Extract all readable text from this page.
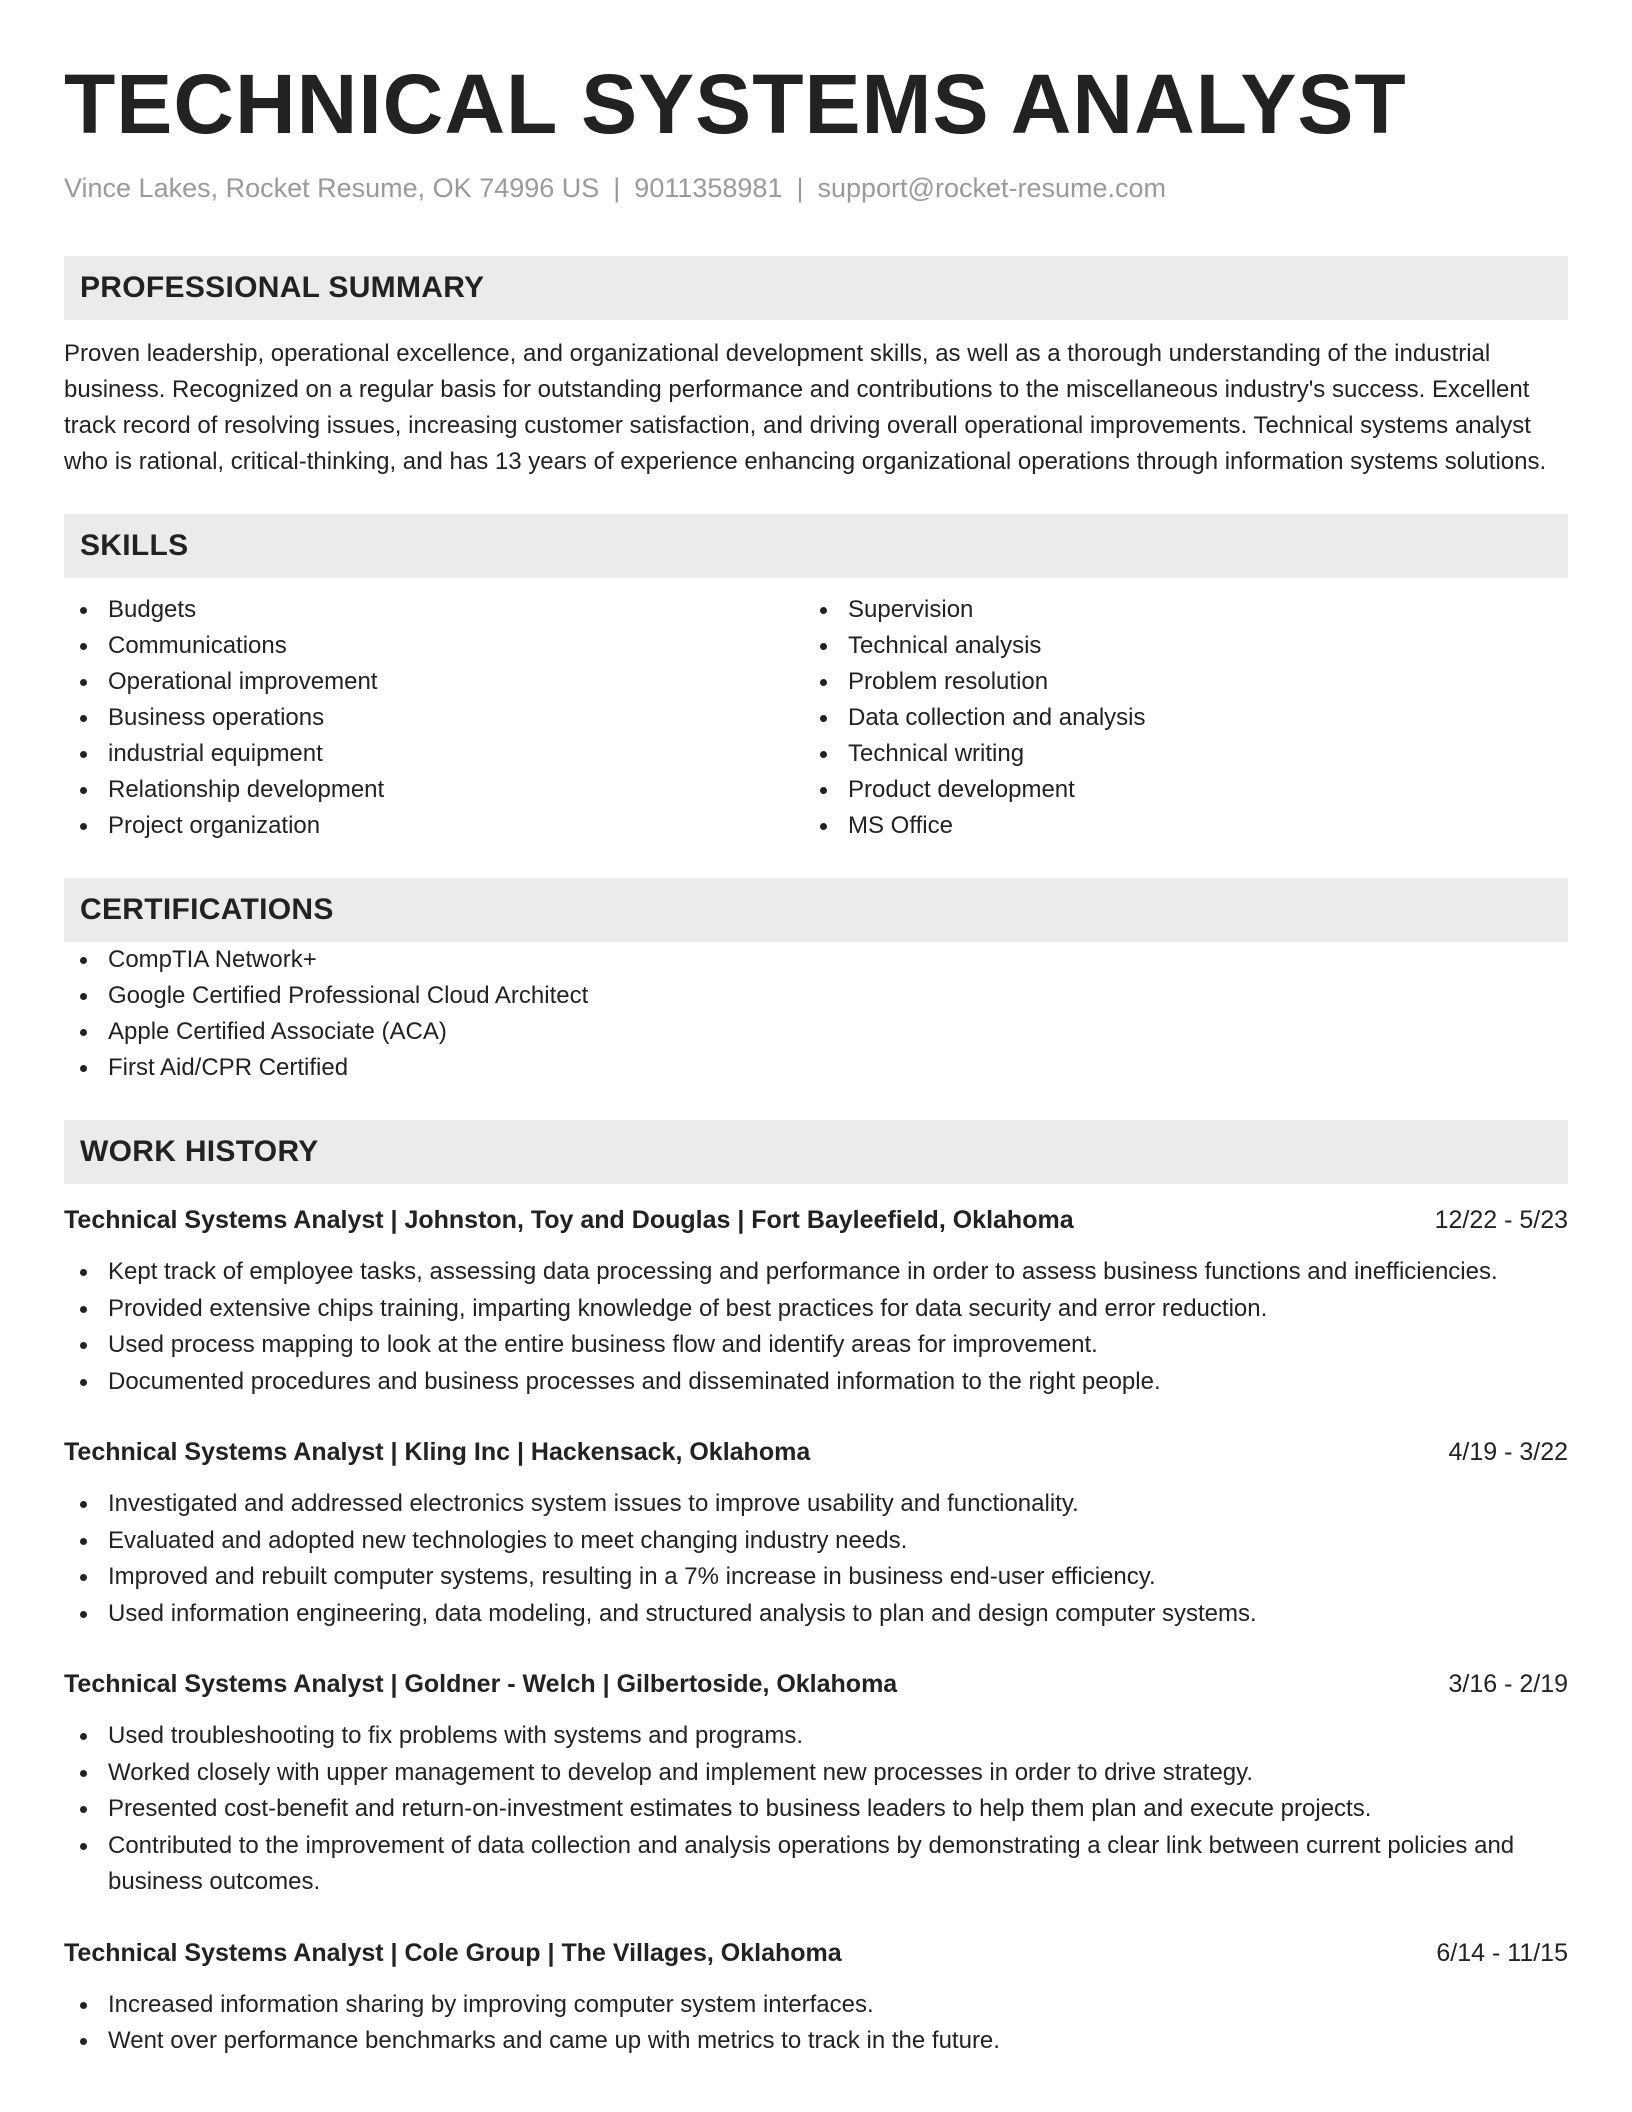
TECHNICAL SYSTEMS ANALYST
Vince Lakes, Rocket Resume, OK 74996 US | 9011358981 | support@rocket-resume.com
PROFESSIONAL SUMMARY

Proven leadership, operational excellence, and organizational development skills, as well as a thorough understanding of the industrial business. Recognized on a regular basis for outstanding performance and contributions to the miscellaneous industry's success. Excellent track record of resolving issues, increasing customer satisfaction, and driving overall operational improvements. Technical systems analyst who is rational, critical-thinking, and has 13 years of experience enhancing organizational operations through information systems solutions.

SKILLS
Budgets
Communications
Operational improvement
Business operations
industrial equipment
Relationship development
Project organization
Supervision
Technical analysis
Problem resolution
Data collection and analysis
Technical writing
Product development
MS Office
CERTIFICATIONS
CompTIA Network+
Google Certified Professional Cloud Architect
Apple Certified Associate (ACA)
First Aid/CPR Certified
WORK HISTORY
Technical Systems Analyst | Johnston, Toy and Douglas | Fort Bayleefield, Oklahoma	12/22 - 5/23
Kept track of employee tasks, assessing data processing and performance in order to assess business functions and inefficiencies.
Provided extensive chips training, imparting knowledge of best practices for data security and error reduction.
Used process mapping to look at the entire business flow and identify areas for improvement.
Documented procedures and business processes and disseminated information to the right people.
Technical Systems Analyst | Kling Inc | Hackensack, Oklahoma	4/19 - 3/22
Investigated and addressed electronics system issues to improve usability and functionality.
Evaluated and adopted new technologies to meet changing industry needs.
Improved and rebuilt computer systems, resulting in a 7% increase in business end-user efficiency.
Used information engineering, data modeling, and structured analysis to plan and design computer systems.
Technical Systems Analyst | Goldner - Welch | Gilbertoside, Oklahoma	3/16 - 2/19
Used troubleshooting to fix problems with systems and programs.
Worked closely with upper management to develop and implement new processes in order to drive strategy.
Presented cost-benefit and return-on-investment estimates to business leaders to help them plan and execute projects.
Contributed to the improvement of data collection and analysis operations by demonstrating a clear link between current policies and business outcomes.
Technical Systems Analyst | Cole Group | The Villages, Oklahoma	6/14 - 11/15
Increased information sharing by improving computer system interfaces.
Went over performance benchmarks and came up with metrics to track in the future.
